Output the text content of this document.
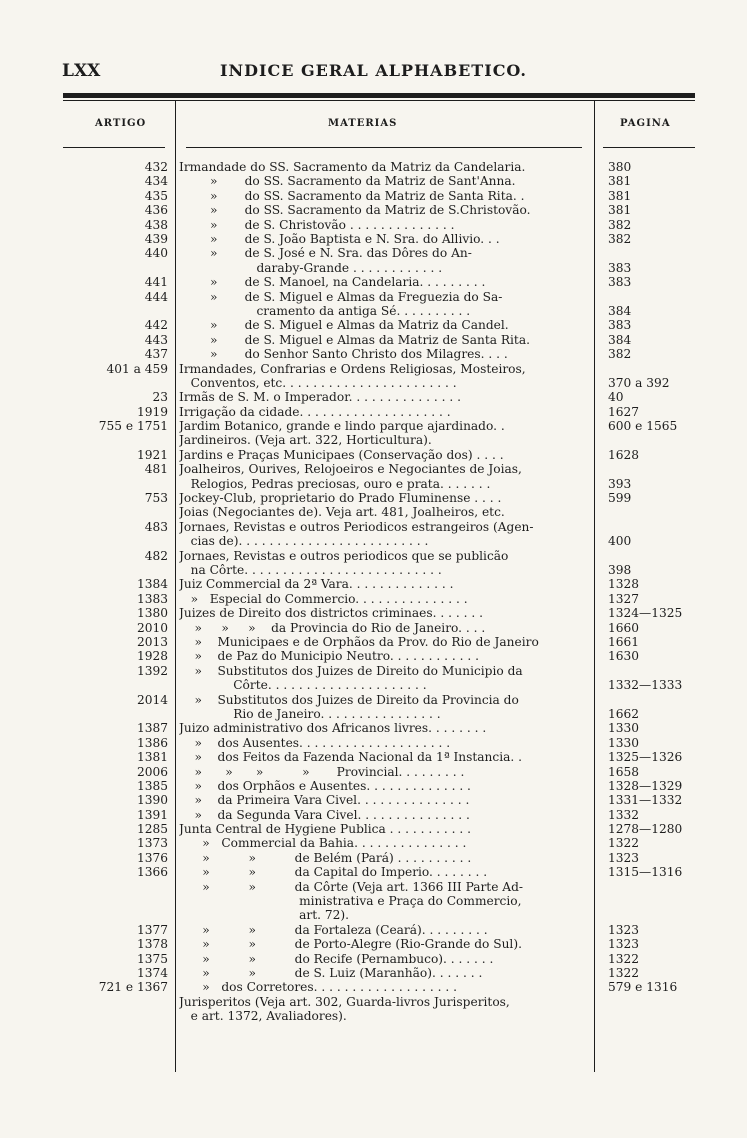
LXX	INDICE GERAL ALPHABETICO.
ARTIGO	MATERIAS	PAGINA
432 Irmandade do SS. Sacramento da Matriz da Candelaria.	380
434 »       do SS. Sacramento da Matriz de Sant'Anna.	381
435 »       do SS. Sacramento da Matriz de Santa Rita. .	381
436 »       do SS. Sacramento da Matriz de S.Christovão.	381
438 »       de S. Christovão . . . . . . . . . . . . . .	382
439 »       de S. João Baptista e N. Sra. do Allivio. . .	382
440 »       de S. José e N. Sra. das Dôres do An-
daraby-Grande . . . . . . . . . . . .	383
441 »       de S. Manoel, na Candelaria. . . . . . . . .	383
444 »       de S. Miguel e Almas da Freguezia do Sa-
cramento da antiga Sé. . . . . . . . . .	384
442 »       de S. Miguel e Almas da Matriz da Candel.	383
443 »       de S. Miguel e Almas da Matriz de Santa Rita.	384
437 »       do Senhor Santo Christo dos Milagres. . . .	382
401 a 459 Irmandades, Confrarias e Ordens Religiosas, Mosteiros,
Conventos, etc. . . . . . . . . . . . . . . . . . . . . . .	370 a 392
23 Irmãs de S. M. o Imperador. . . . . . . . . . . . . . .	40
1919 Irrigação da cidade. . . . . . . . . . . . . . . . . . . .	1627
755 e 1751 Jardim Botanico, grande e lindo parque ajardinado. .	600 e 1565
Jardineiros. (Veja art. 322, Horticultura).
1921 Jardins e Praças Municipaes (Conservação dos) . . . .	1628
481 Joalheiros, Ourives, Relojoeiros e Negociantes de Joias,
Relogios, Pedras preciosas, ouro e prata. . . . . . .	393
753 Jockey-Club, proprietario do Prado Fluminense . . . .	599
Joias (Negociantes de). Veja art. 481, Joalheiros, etc.
483 Jornaes, Revistas e outros Periodicos estrangeiros (Agen-
cias de). . . . . . . . . . . . . . . . . . . . . . . . .	400
482 Jornaes, Revistas e outros periodicos que se publicão
na Côrte. . . . . . . . . . . . . . . . . . . . . . . . . .	398
1384 Juiz Commercial da 2ª Vara. . . . . . . . . . . . . .	1328
1383 »   Especial do Commercio. . . . . . . . . . . . . . .	1327
1380 Juizes de Direito dos districtos criminaes. . . . . . .	1324—1325
2010 »     »     »    da Provincia do Rio de Janeiro. . . .	1660
2013 »    Municipaes e de Orphãos da Prov. do Rio de Janeiro	1661
1928 »    de Paz do Municipio Neutro. . . . . . . . . . . .	1630
1392 »    Substitutos dos Juizes de Direito do Municipio da
Côrte. . . . . . . . . . . . . . . . . . . . .	1332—1333
2014 »    Substitutos dos Juizes de Direito da Provincia do
Rio de Janeiro. . . . . . . . . . . . . . . .	1662
1387 Juizo administrativo dos Africanos livres. . . . . . . .	1330
1386 »    dos Ausentes. . . . . . . . . . . . . . . . . . . .	1330
1381 »    dos Feitos da Fazenda Nacional da 1ª Instancia. .	1325—1326
2006 »      »      »          »       Provincial. . . . . . . . .	1658
1385 »    dos Orphãos e Ausentes. . . . . . . . . . . . . .	1328—1329
1390 »    da Primeira Vara Civel. . . . . . . . . . . . . . .	1331—1332
1391 »    da Segunda Vara Civel. . . . . . . . . . . . . . .	1332
1285 Junta Central de Hygiene Publica . . . . . . . . . . .	1278—1280
1373 »   Commercial da Bahia. . . . . . . . . . . . . . .	1322
1376 »          »          de Belém (Pará) . . . . . . . . . .	1323
1366 »          »          da Capital do Imperio. . . . . . . .	1315—1316
»          »          da Côrte (Veja art. 1366 III Parte Ad-
ministrativa e Praça do Commercio,
art. 72).
1377 »          »          da Fortaleza (Ceará). . . . . . . . .	1323
1378 »          »          de Porto-Alegre (Rio-Grande do Sul).	1323
1375 »          »          do Recife (Pernambuco). . . . . . .	1322
1374 »          »          de S. Luiz (Maranhão). . . . . . .	1322
721 e 1367 »   dos Corretores. . . . . . . . . . . . . . . . . . .	579 e 1316
Jurisperitos (Veja art. 302, Guarda-livros Jurisperitos,
e art. 1372, Avaliadores).
